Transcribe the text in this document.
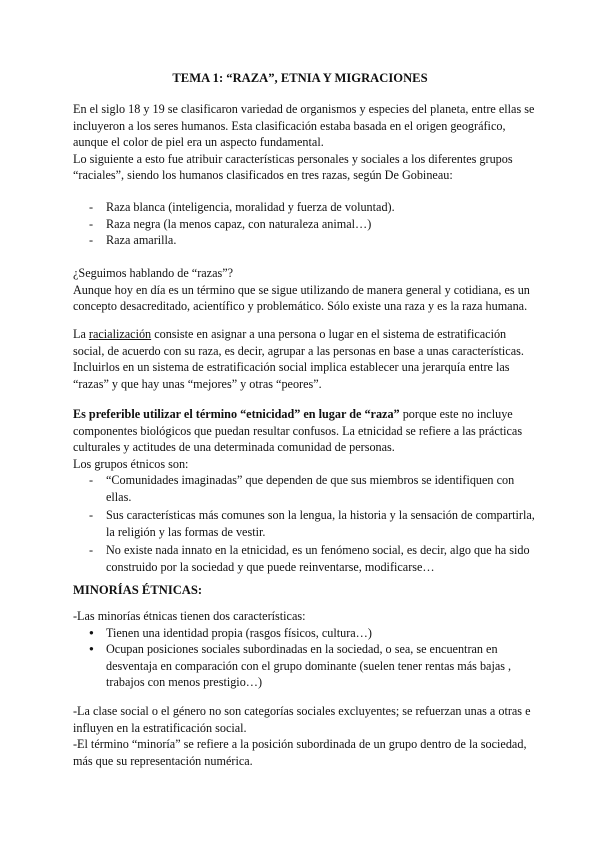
TEMA 1: “RAZA”, ETNIA Y MIGRACIONES

En el siglo 18 y 19 se clasificaron variedad de organismos y especies del planeta, entre ellas se incluyeron a los seres humanos. Esta clasificación estaba basada en el origen geográfico, aunque el color de piel era un aspecto fundamental.

Lo siguiente a esto fue atribuir características personales y sociales a los diferentes grupos “raciales”, siendo los humanos clasificados en tres razas, según De Gobineau:

- Raza blanca (inteligencia, moralidad y fuerza de voluntad).
- Raza negra (la menos capaz, con naturaleza animal…)
- Raza amarilla.

¿Seguimos hablando de “razas”?

Aunque hoy en día es un término que se sigue utilizando de manera general y cotidiana, es un concepto desacreditado, acientífico y problemático. Sólo existe una raza y es la raza humana.

La racialización consiste en asignar a una persona o lugar en el sistema de estratificación social, de acuerdo con su raza, es decir, agrupar a las personas en base a unas características. Incluirlos en un sistema de estratificación social implica establecer una jerarquía entre las “razas” y que hay unas “mejores” y otras “peores”.

Es preferible utilizar el término “etnicidad” en lugar de “raza” porque este no incluye componentes biológicos que puedan resultar confusos. La etnicidad se refiere a las prácticas culturales y actitudes de una determinada comunidad de personas.

Los grupos étnicos son:

- “Comunidades imaginadas” que dependen de que sus miembros se identifiquen con ellas.
- Sus características más comunes son la lengua, la historia y la sensación de compartirla, la religión y las formas de vestir.
- No existe nada innato en la etnicidad, es un fenómeno social, es decir, algo que ha sido construido por la sociedad y que puede reinventarse, modificarse…
MINORÍAS ÉTNICAS:

-Las minorías étnicas tienen dos características:

● Tienen una identidad propia (rasgos físicos, cultura…)
● Ocupan posiciones sociales subordinadas en la sociedad, o sea, se encuentran en desventaja en comparación con el grupo dominante (suelen tener rentas más bajas , trabajos con menos prestigio…)

-La clase social o el género no son categorías sociales excluyentes; se refuerzan unas a otras e influyen en la estratificación social.

-El término “minoría” se refiere a la posición subordinada de un grupo dentro de la sociedad, más que su representación numérica.
